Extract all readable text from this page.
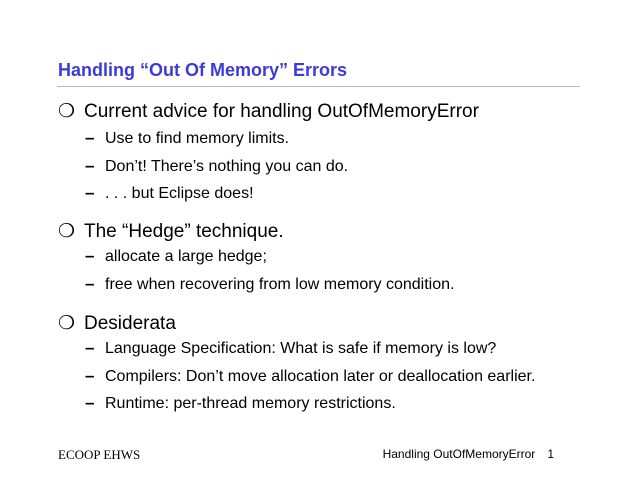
Handling “Out Of Memory” Errors
❍ Current advice for handling OutOfMemoryError
– Use to find memory limits.
– Don’t! There’s nothing you can do.
– . . . but Eclipse does!
❍ The “Hedge” technique.
– allocate a large hedge;
– free when recovering from low memory condition.
❍ Desiderata
– Language Specification: What is safe if memory is low?
– Compilers: Don’t move allocation later or deallocation earlier.
– Runtime: per-thread memory restrictions.
ECOOP EHWS	Handling OutOfMemoryError 1
